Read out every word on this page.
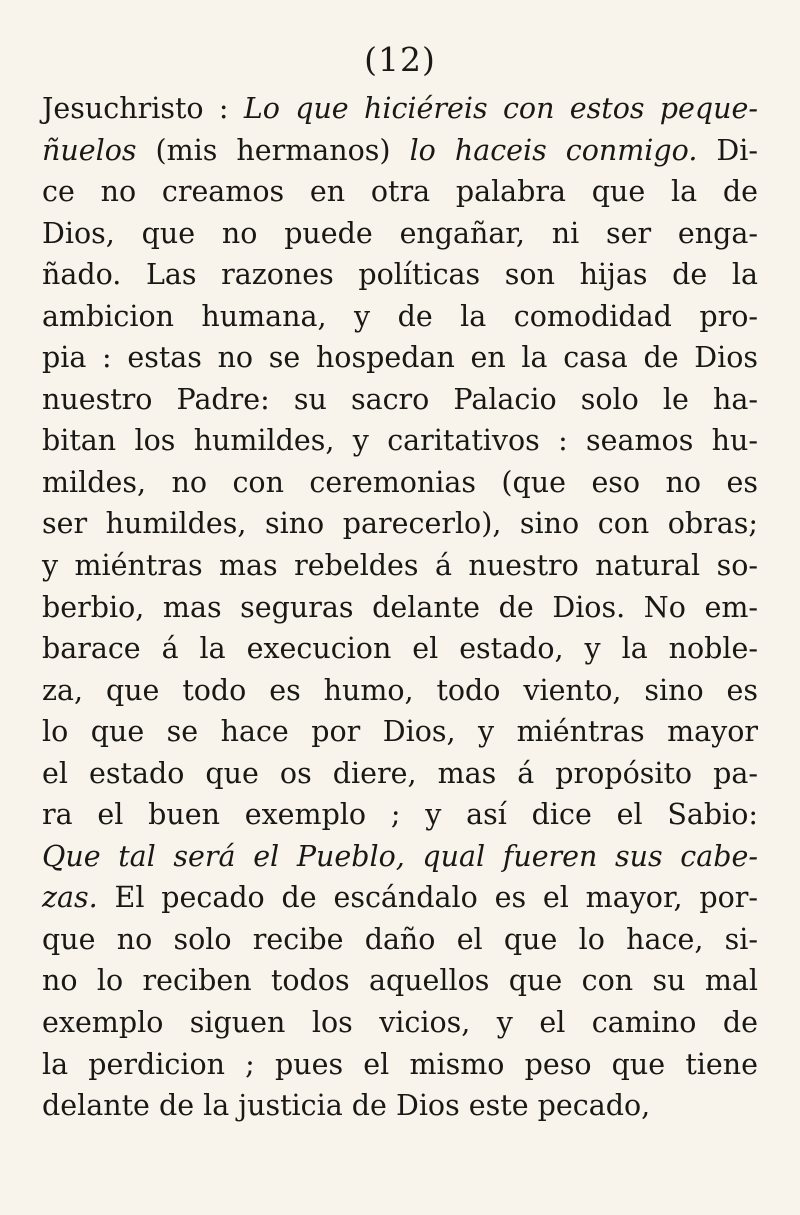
(12)
Jesuchristo : Lo que hiciéreis con estos peque-
ñuelos (mis hermanos) lo haceis conmigo. Di-
ce no creamos en otra palabra que la de
Dios, que no puede engañar, ni ser enga-
ñado. Las razones políticas son hijas de la
ambicion humana, y de la comodidad pro-
pia : estas no se hospedan en la casa de Dios
nuestro Padre: su sacro Palacio solo le ha-
bitan los humildes, y caritativos : seamos hu-
mildes, no con ceremonias (que eso no es
ser humildes, sino parecerlo), sino con obras;
y miéntras mas rebeldes á nuestro natural so-
berbio, mas seguras delante de Dios. No em-
barace á la execucion el estado, y la noble-
za, que todo es humo, todo viento, sino es
lo que se hace por Dios, y miéntras mayor
el estado que os diere, mas á propósito pa-
ra el buen exemplo ; y así dice el Sabio:
Que tal será el Pueblo, qual fueren sus cabe-
zas. El pecado de escándalo es el mayor, por-
que no solo recibe daño el que lo hace, si-
no lo reciben todos aquellos que con su mal
exemplo siguen los vicios, y el camino de
la perdicion ; pues el mismo peso que tiene
delante de la justicia de Dios este pecado,
